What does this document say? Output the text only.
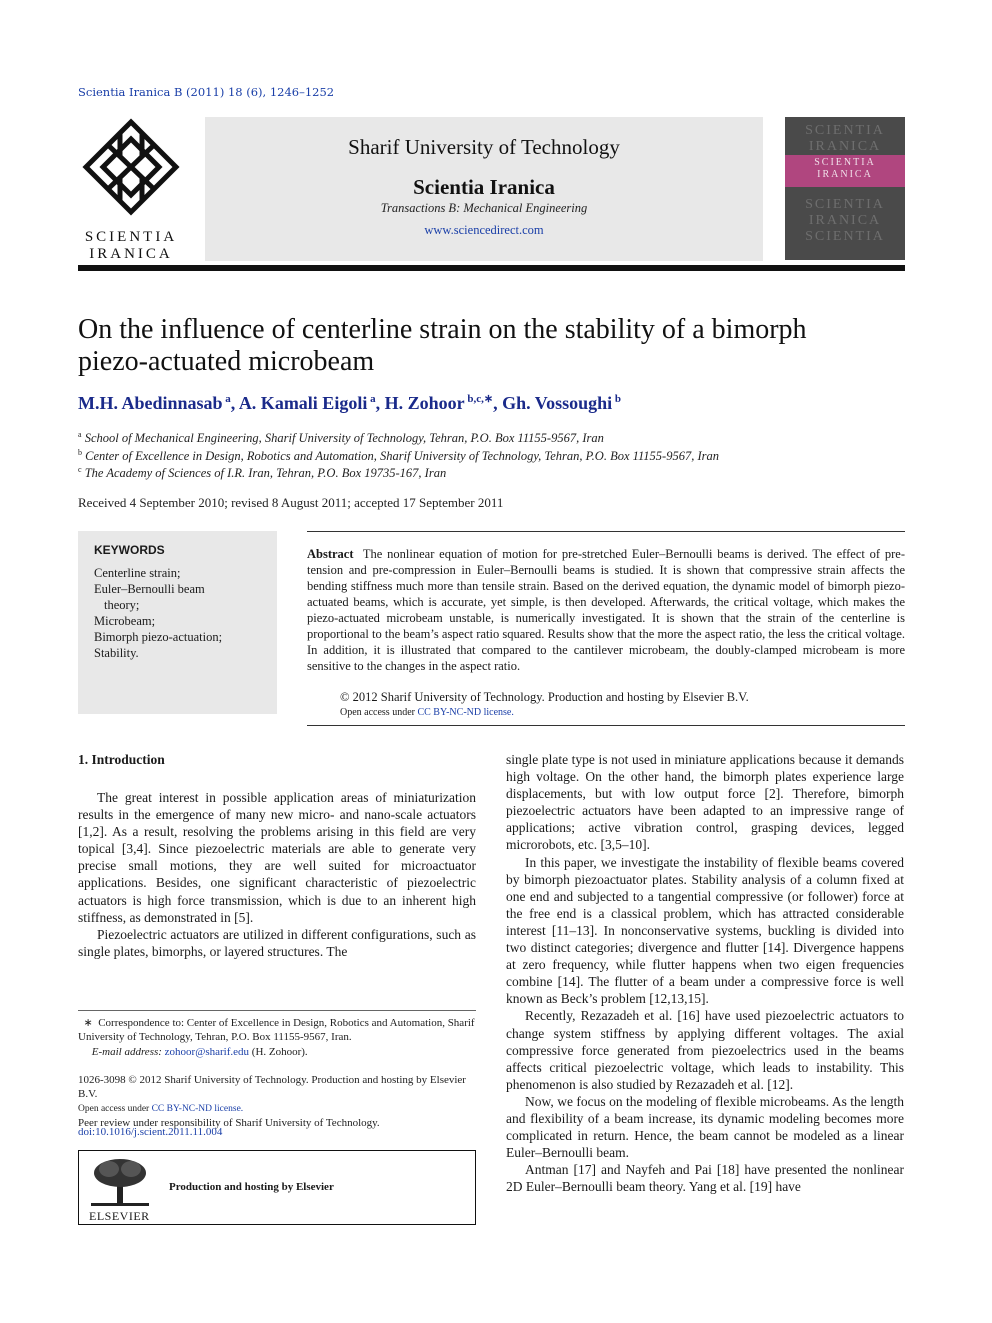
Scientia Iranica B (2011) 18 (6), 1246–1252
SCIENTIA
IRANICA
Sharif University of Technology
Scientia Iranica
Transactions B: Mechanical Engineering
www.sciencedirect.com
SCIENTIA
IRANICA
SCIENTIA
IRANICA
SCIENTIA
IRANICA
SCIENTIA
On the influence of centerline strain on the stability of a bimorph
piezo-actuated microbeam
M.H. Abedinnasab $^a$, A. Kamali Eigoli $^a$, H. Zohoor $^{b,c,∗}$, Gh. Vossoughi $^b$
$^a$ School of Mechanical Engineering, Sharif University of Technology, Tehran, P.O. Box 11155-9567, Iran
$^b$ Center of Excellence in Design, Robotics and Automation, Sharif University of Technology, Tehran, P.O. Box 11155-9567, Iran
$^c$ The Academy of Sciences of I.R. Iran, Tehran, P.O. Box 19735-167, Iran
Received 4 September 2010; revised 8 August 2011; accepted 17 September 2011
KEYWORDS
Centerline strain;
Euler–Bernoulli beam
theory;
Microbeam;
Bimorph piezo-actuation;
Stability.
Abstract The nonlinear equation of motion for pre-stretched Euler–Bernoulli beams is derived. The effect of pre-tension and pre-compression in Euler–Bernoulli beams is studied. It is shown that compressive strain affects the bending stiffness much more than tensile strain. Based on the derived equation, the dynamic model of bimorph piezo-actuated beams, which is accurate, yet simple, is then developed. Afterwards, the critical voltage, which makes the piezo-actuated microbeam unstable, is numerically investigated. It is shown that the strain of the centerline is proportional to the beam’s aspect ratio squared. Results show that the more the aspect ratio, the less the critical voltage. In addition, it is illustrated that compared to the cantilever microbeam, the doubly-clamped microbeam is more sensitive to the changes in the aspect ratio.
© 2012 Sharif University of Technology. Production and hosting by Elsevier B.V.
Open access under CC BY-NC-ND license.
1. Introduction

The great interest in possible application areas of miniaturization results in the emergence of many new micro- and nano-scale actuators [1,2]. As a result, resolving the problems arising in this field are very topical [3,4]. Since piezoelectric materials are able to generate very precise small motions, they are well suited for microactuator applications. Besides, one significant characteristic of piezoelectric actuators is high force transmission, which is due to an inherent high stiffness, as demonstrated in [5].

Piezoelectric actuators are utilized in different configurations, such as single plates, bimorphs, or layered structures. The

∗ Correspondence to: Center of Excellence in Design, Robotics and Automation, Sharif University of Technology, Tehran, P.O. Box 11155-9567, Iran.
E-mail address: zohoor@sharif.edu (H. Zohoor).
1026-3098 © 2012 Sharif University of Technology. Production and hosting by Elsevier B.V.
Open access under CC BY-NC-ND license.
Peer review under responsibility of Sharif University of Technology.
doi:10.1016/j.scient.2011.11.004
ELSEVIER
Production and hosting by Elsevier

single plate type is not used in miniature applications because it demands high voltage. On the other hand, the bimorph plates experience large displacements, but with low output force [2]. Therefore, bimorph piezoelectric actuators have been adapted to an impressive range of applications; active vibration control, grasping devices, legged microrobots, etc. [3,5–10].

In this paper, we investigate the instability of flexible beams covered by bimorph piezoactuator plates. Stability analysis of a column fixed at one end and subjected to a tangential compressive (or follower) force at the free end is a classical problem, which has attracted considerable interest [11–13]. In nonconservative systems, buckling is divided into two distinct categories; divergence and flutter [14]. Divergence happens at zero frequency, while flutter happens when two eigen frequencies combine [14]. The flutter of a beam under a compressive force is well known as Beck’s problem [12,13,15].

Recently, Rezazadeh et al. [16] have used piezoelectric actuators to change system stiffness by applying different voltages. The axial compressive force generated from piezoelectrics used in the beams affects critical piezoelectric voltage, which leads to instability. This phenomenon is also studied by Rezazadeh et al. [12].

Now, we focus on the modeling of flexible microbeams. As the length and flexibility of a beam increase, its dynamic modeling becomes more complicated in return. Hence, the beam cannot be modeled as a linear Euler–Bernoulli beam.

Antman [17] and Nayfeh and Pai [18] have presented the nonlinear 2D Euler–Bernoulli beam theory. Yang et al. [19] have
